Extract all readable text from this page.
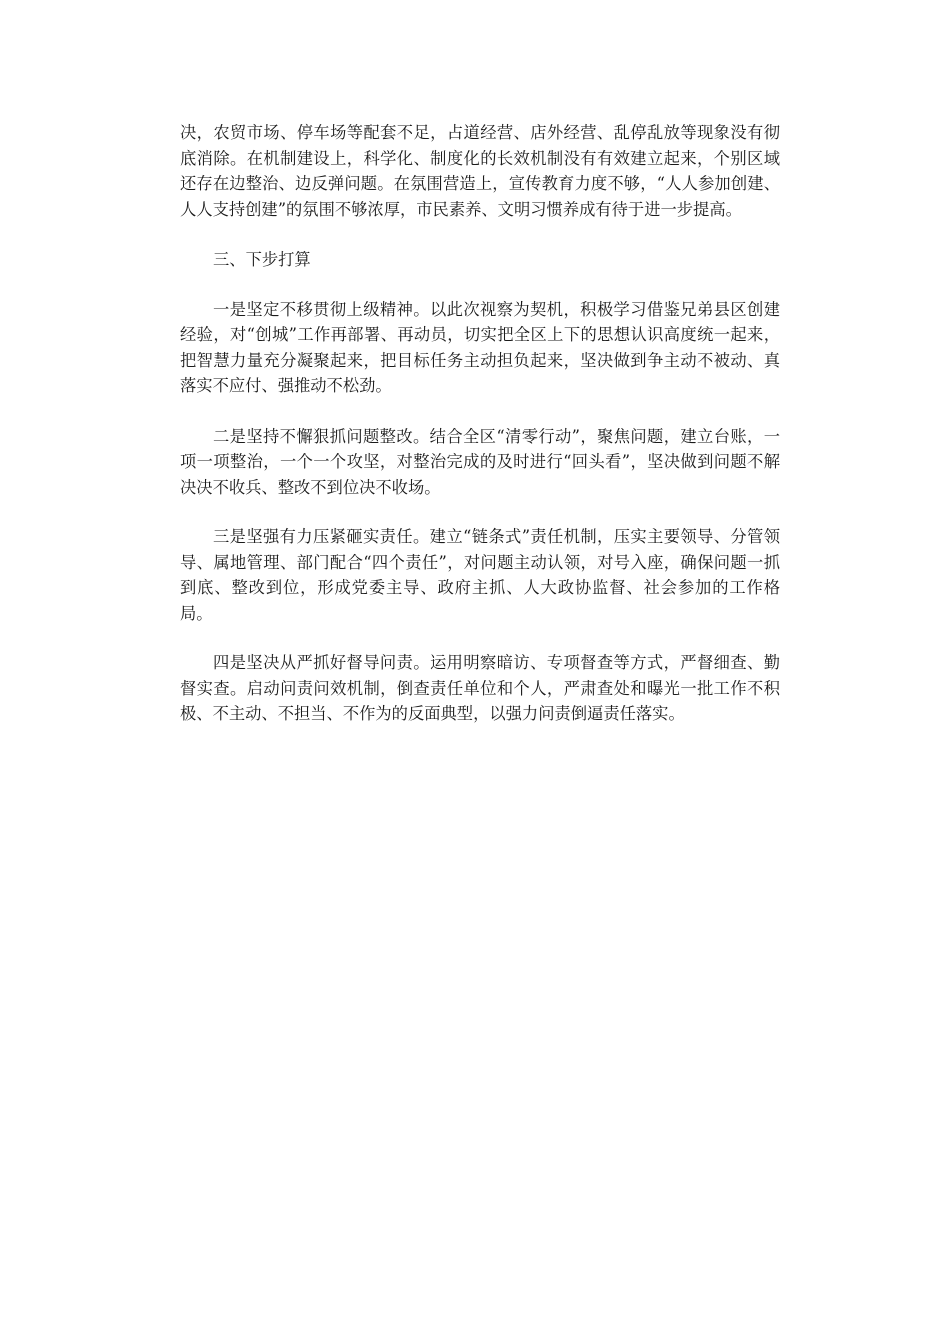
决，农贸市场、停车场等配套不足，占道经营、店外经营、乱停乱放等现象没有彻底消除。在机制建设上，科学化、制度化的长效机制没有有效建立起来，个别区域还存在边整治、边反弹问题。在氛围营造上，宣传教育力度不够，“人人参加创建、人人支持创建”的氛围不够浓厚，市民素养、文明习惯养成有待于进一步提高。

三、下步打算

一是坚定不移贯彻上级精神。以此次视察为契机，积极学习借鉴兄弟县区创建经验，对“创城”工作再部署、再动员，切实把全区上下的思想认识高度统一起来，把智慧力量充分凝聚起来，把目标任务主动担负起来，坚决做到争主动不被动、真落实不应付、强推动不松劲。

二是坚持不懈狠抓问题整改。结合全区“清零行动”，聚焦问题，建立台账，一项一项整治，一个一个攻坚，对整治完成的及时进行“回头看”，坚决做到问题不解决决不收兵、整改不到位决不收场。

三是坚强有力压紧砸实责任。建立“链条式”责任机制，压实主要领导、分管领导、属地管理、部门配合“四个责任”，对问题主动认领，对号入座，确保问题一抓到底、整改到位，形成党委主导、政府主抓、人大政协监督、社会参加的工作格局。

四是坚决从严抓好督导问责。运用明察暗访、专项督查等方式，严督细查、勤督实查。启动问责问效机制，倒查责任单位和个人，严肃查处和曝光一批工作不积极、不主动、不担当、不作为的反面典型，以强力问责倒逼责任落实。
